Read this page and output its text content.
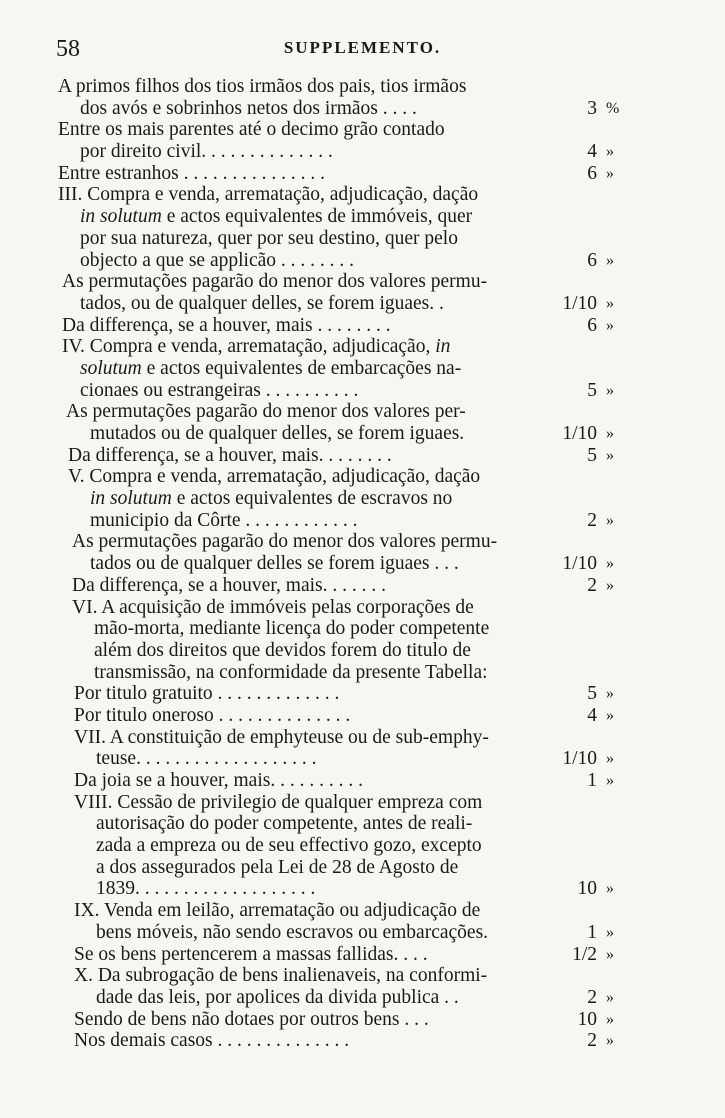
58	SUPPLEMENTO.
A primos filhos dos tios irmãos dos pais, tios irmãos
dos avós e sobrinhos netos dos irmãos . . . .	3 %
Entre os mais parentes até o decimo grão contado
por direito civil. . . . . . . . . . . . . .	4 »
Entre estranhos . . . . . . . . . . . . . . .	6 »
III. Compra e venda, arrematação, adjudicação, dação
in solutum e actos equivalentes de immóveis, quer
por sua natureza, quer por seu destino, quer pelo
objecto a que se applicão . . . . . . . .	6 »
As permutações pagarão do menor dos valores permu-
tados, ou de qualquer delles, se forem iguaes. .	1/10 »
Da differença, se a houver, mais . . . . . . . .	6 »
IV. Compra e venda, arrematação, adjudicação, in
solutum e actos equivalentes de embarcações na-
cionaes ou estrangeiras . . . . . . . . . .	5 »
As permutações pagarão do menor dos valores per-
mutados ou de qualquer delles, se forem iguaes.	1/10 »
Da differença, se a houver, mais. . . . . . . .	5 »
V. Compra e venda, arrematação, adjudicação, dação
in solutum e actos equivalentes de escravos no
municipio da Côrte . . . . . . . . . . . .	2 »
As permutações pagarão do menor dos valores permu-
tados ou de qualquer delles se forem iguaes . . .	1/10 »
Da differença, se a houver, mais. . . . . . .	2 »
VI. A acquisição de immóveis pelas corporações de
mão-morta, mediante licença do poder competente
além dos direitos que devidos forem do titulo de
transmissão, na conformidade da presente Tabella:
Por titulo gratuito . . . . . . . . . . . . .	5 »
Por titulo oneroso . . . . . . . . . . . . . .	4 »
VII. A constituição de emphyteuse ou de sub-emphy-
teuse. . . . . . . . . . . . . . . . . . .	1/10 »
Da joia se a houver, mais. . . . . . . . . .	1 »
VIII. Cessão de privilegio de qualquer empreza com
autorisação do poder competente, antes de reali-
zada a empreza ou de seu effectivo gozo, excepto
a dos assegurados pela Lei de 28 de Agosto de
1839. . . . . . . . . . . . . . . . . . .	10 »
IX. Venda em leilão, arrematação ou adjudicação de
bens móveis, não sendo escravos ou embarcações.	1 »
Se os bens pertencerem a massas fallidas. . . .	1/2 »
X. Da subrogação de bens inalienaveis, na conformi-
dade das leis, por apolices da divida publica . .	2 »
Sendo de bens não dotaes por outros bens . . .	10 »
Nos demais casos . . . . . . . . . . . . . .	2 »
